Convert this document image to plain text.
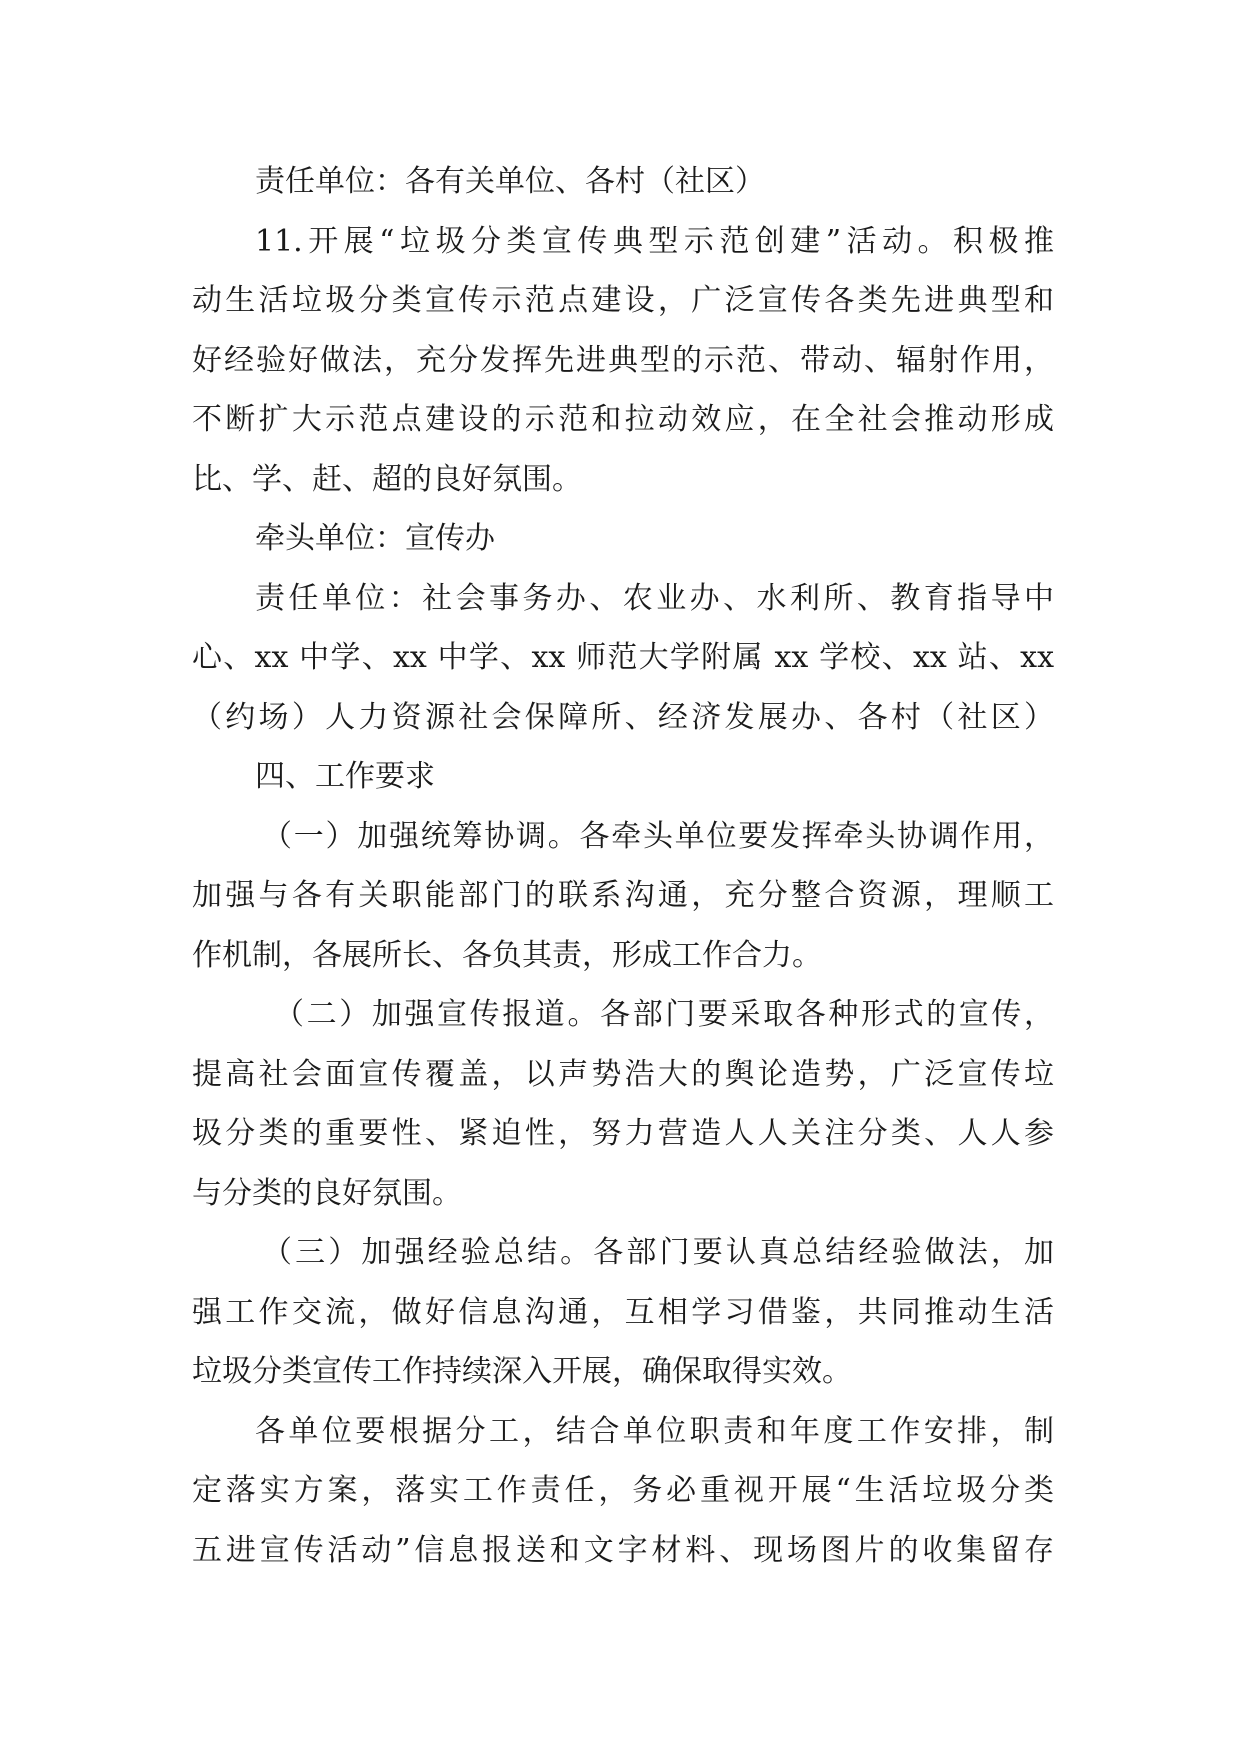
责任单位：各有关单位、各村（社区）
11.开展“垃圾分类宣传典型示范创建”活动。积极推
动生活垃圾分类宣传示范点建设，广泛宣传各类先进典型和
好经验好做法，充分发挥先进典型的示范、带动、辐射作用，
不断扩大示范点建设的示范和拉动效应，在全社会推动形成
比、学、赶、超的良好氛围。
牵头单位：宣传办
责任单位：社会事务办、农业办、水利所、教育指导中
心、xx 中学、xx 中学、xx 师范大学附属 xx 学校、xx 站、xx
（约场）人力资源社会保障所、经济发展办、各村（社区）
四、工作要求
（一）加强统筹协调。各牵头单位要发挥牵头协调作用，
加强与各有关职能部门的联系沟通，充分整合资源，理顺工
作机制，各展所长、各负其责，形成工作合力。
（二）加强宣传报道。各部门要采取各种形式的宣传，
提高社会面宣传覆盖，以声势浩大的舆论造势，广泛宣传垃
圾分类的重要性、紧迫性，努力营造人人关注分类、人人参
与分类的良好氛围。
（三）加强经验总结。各部门要认真总结经验做法，加
强工作交流，做好信息沟通，互相学习借鉴，共同推动生活
垃圾分类宣传工作持续深入开展，确保取得实效。
各单位要根据分工，结合单位职责和年度工作安排，制
定落实方案，落实工作责任，务必重视开展“生活垃圾分类
五进宣传活动”信息报送和文字材料、现场图片的收集留存
